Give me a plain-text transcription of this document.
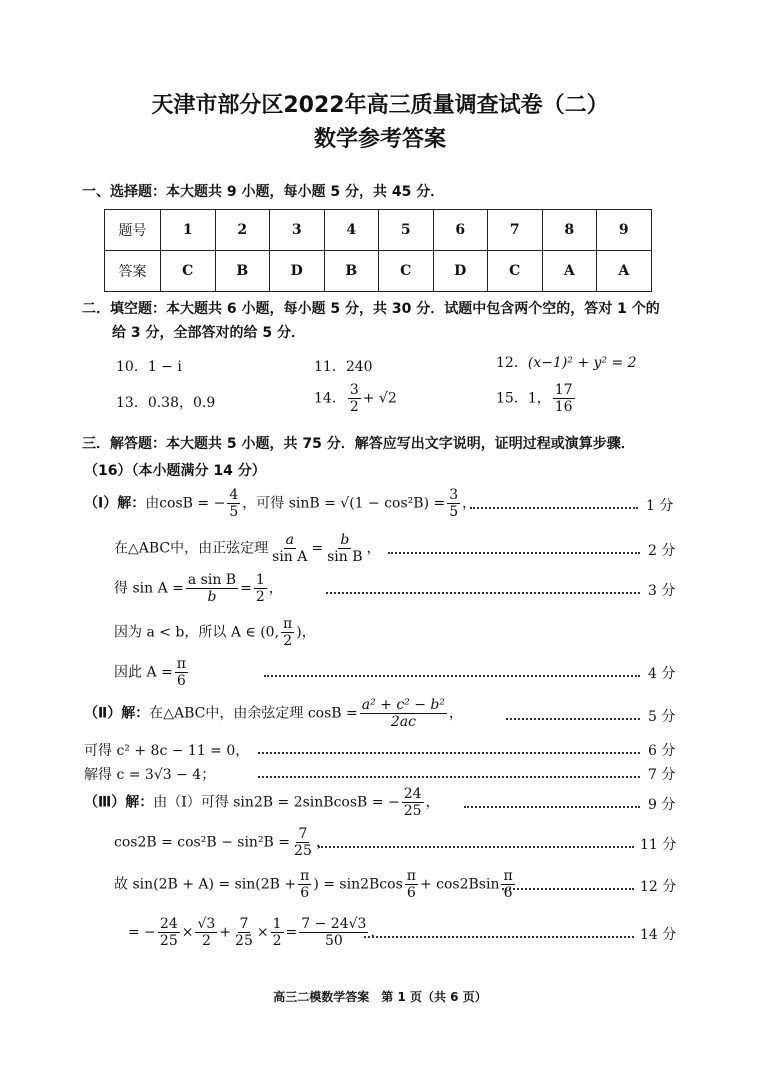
天津市部分区2022年高三质量调查试卷（二）
数学参考答案
一、选择题：本大题共 9 小题，每小题 5 分，共 45 分．
题号	1	2	3	4	5	6	7	8	9
答案	C	B	D	B	C	D	C	A	A
二．填空题：本大题共 6 小题，每小题 5 分，共 30 分．试题中包含两个空的，答对 1 个的
给 3 分，全部答对的给 5 分．
10．1 − i	11．240	12．(x−1)² + y² = 2
13．0.38，0.9	14． $\frac{3}{2} + √2$	15．1， $\frac{17}{16}$
三．解答题：本大题共 5 小题，共 75 分．解答应写出文字说明，证明过程或演算步骤．
（16）（本小题满分 14 分）
（Ⅰ）解：由cosB = − $\frac{4}{5}$ ，可得 $\sin B = √(1 - \cos^2B) = \frac{3}{5}$ ，	1 分
在△ABC中，由正弦定理 $\frac{a}{\text{sin A}} = \frac{b}{\text{sin B}}$ ，	2 分
得 $\sin A = \frac{\text{a sin B}}{b} = \frac{1}{2}$ ，	3 分
因为 a < b，所以 A ∈ (0, $\frac{\pi}{2}$ )，
因此 $A = \frac{\pi}{6}$	4 分
（Ⅱ）解：在△ABC中，由余弦定理 $\cos B = \frac{\text{a² + c² − b²}}{2ac}$ ，	5 分
可得 c² + 8c − 11 = 0，	6 分
解得 c = 3√3 − 4；	7 分
（Ⅲ）解：由（Ⅰ）可得 sin2B = 2sinBcosB = − $\frac{24}{25}$ ，	9 分
$\cos 2B = \cos^2B - \sin^2B = \frac{7}{25}$ ，	11 分
故 $\sin(2B + A) = \sin(2B + \frac{\pi}{6}$ ) = $\sin 2Bcos \frac{\pi}{6} + \cos 2Bsin \frac{\pi}{6}$	12 分
= − $\frac{24}{25} \times \frac{√3}{2} + \frac{7}{25} \times \frac{1}{2} = \frac{7 - 24√3}{50}$ ．	14 分
高三二模数学答案　第 1 页（共 6 页）
